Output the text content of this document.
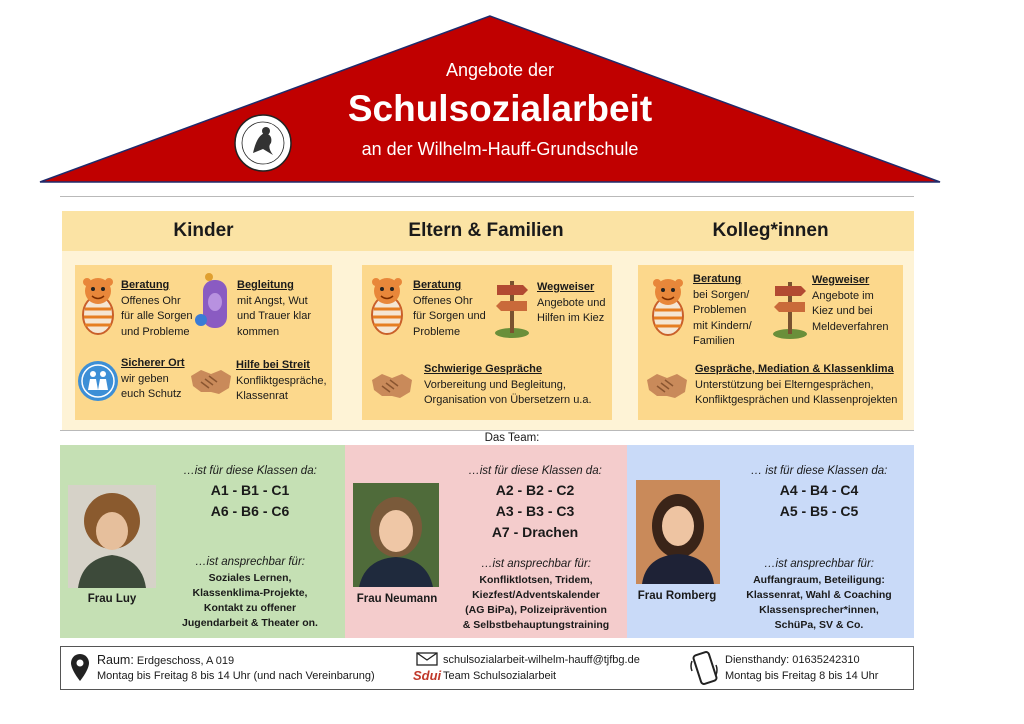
Angebote der
Schulsozialarbeit
an der Wilhelm-Hauff-Grundschule
Kinder
Beratung
Offenes Ohr
für alle Sorgen
und Probleme
Begleitung
mit Angst, Wut
und Trauer klar
kommen
Sicherer Ort
wir geben
euch Schutz
Hilfe bei Streit
Konfliktgespräche,
Klassenrat
Eltern & Familien
Beratung
Offenes Ohr
für Sorgen und
Probleme
Wegweiser
Angebote und
Hilfen im Kiez
Schwierige Gespräche
Vorbereitung und Begleitung,
Organisation von Übersetzern u.a.
Kolleg*innen
Beratung
bei Sorgen/
Problemen
mit Kindern/
Familien
Wegweiser
Angebote im
Kiez und bei
Meldeverfahren
Gespräche, Mediation & Klassenklima
Unterstützung bei Elterngesprächen,
Konfliktgesprächen und Klassenprojekten
Das Team:
Frau Luy
…ist für diese Klassen da:
A1 - B1 - C1
A6 - B6 - C6
…ist ansprechbar für:
Soziales Lernen,
Klassenklima-Projekte,
Kontakt zu offener
Jugendarbeit & Theater on.
Frau Neumann
…ist für diese Klassen da:
A2 - B2 - C2
A3 - B3 - C3
A7 - Drachen
…ist ansprechbar für:
Konfliktlotsen, Tridem,
Kiezfest/Adventskalender
(AG BiPa), Polizeiprävention
& Selbstbehauptungstraining
Frau Romberg
… ist für diese Klassen da:
A4 - B4 - C4
A5 - B5 - C5
…ist ansprechbar für:
Auffangraum, Beteiligung:
Klassenrat, Wahl & Coaching
Klassensprecher*innen,
SchüPa, SV & Co.
Raum: Erdgeschoss, A 019
Montag bis Freitag 8 bis 14 Uhr (und nach Vereinbarung)
schulsozialarbeit-wilhelm-hauff@tjfbg.de
Sdui Team Schulsozialarbeit
Diensthandy: 01635242310
Montag bis Freitag 8 bis 14 Uhr
